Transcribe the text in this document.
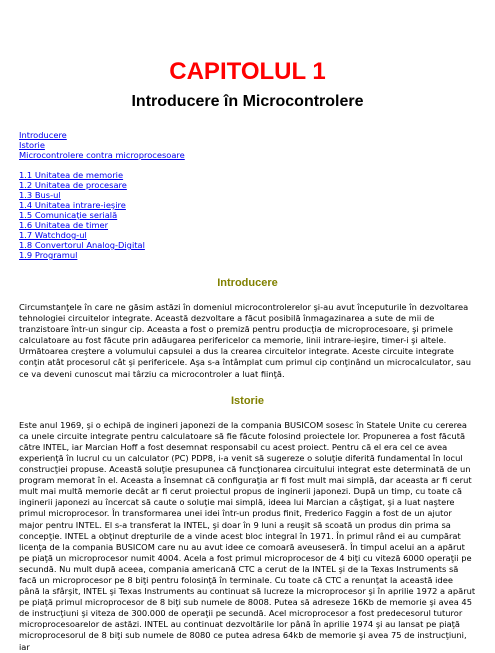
CAPITOLUL 1
Introducere în Microcontrolere
Introducere
Istorie
Microcontrolere contra microprocesoare
1.1 Unitatea de memorie
1.2 Unitatea de procesare
1.3 Bus-ul
1.4 Unitatea intrare-ieşire
1.5 Comunicaţie serială
1.6 Unitatea de timer
1.7 Watchdog-ul
1.8 Convertorul Analog-Digital
1.9 Programul
Introducere

Circumstanţele în care ne găsim astăzi în domeniul microcontrolerelor şi-au avut începuturile în dezvoltarea tehnologiei circuitelor integrate. Această dezvoltare a făcut posibilă înmagazinarea a sute de mii de tranzistoare într-un singur cip. Aceasta a fost o premiză pentru producţia de microprocesoare, şi primele calculatoare au fost făcute prin adăugarea perifericelor ca memorie, linii intrare-ieşire, timer-i şi altele. Următoarea creştere a volumului capsulei a dus la crearea circuitelor integrate. Aceste circuite integrate conţin atât procesorul cât şi perifericele. Aşa s-a întâmplat cum primul cip conţinând un microcalculator, sau ce va deveni cunoscut mai târziu ca microcontroler a luat fiinţă.

Istorie

Este anul 1969, şi o echipă de ingineri japonezi de la compania BUSICOM sosesc în Statele Unite cu cererea ca unele circuite integrate pentru calculatoare să fie făcute folosind proiectele lor. Propunerea a fost făcută către INTEL, iar Marcian Hoff a fost desemnat responsabil cu acest proiect. Pentru că el era cel ce avea experienţă în lucrul cu un calculator (PC) PDP8, i-a venit să sugereze o soluţie diferită fundamental în locul construcţiei propuse. Această soluţie presupunea că funcţionarea circuitului integrat este determinată de un program memorat în el. Aceasta a însemnat că configuraţia ar fi fost mult mai simplă, dar aceasta ar fi cerut mult mai multă memorie decât ar fi cerut proiectul propus de inginerii japonezi. După un timp, cu toate că inginerii japonezi au încercat să caute o soluţie mai simplă, ideea lui Marcian a câştigat, şi a luat naştere primul microprocesor. În transformarea unei idei într-un produs finit, Frederico Faggin a fost de un ajutor major pentru INTEL. El s-a transferat la INTEL, şi doar în 9 luni a reuşit să scoată un produs din prima sa concepţie. INTEL a obţinut drepturile de a vinde acest bloc integral în 1971. În primul rând ei au cumpărat licenţa de la compania BUSICOM care nu au avut idee ce comoară aveuseseră. În timpul acelui an a apărut pe piaţă un microprocesor numit 4004. Acela a fost primul microprocesor de 4 biţi cu viteză 6000 operaţii pe secundă. Nu mult după aceea, compania americană CTC a cerut de la INTEL şi de la Texas Instruments să facă un microprocesor pe 8 biţi pentru folosinţă în terminale. Cu toate că CTC a renunţat la această idee până la sfârşit, INTEL şi Texas Instruments au continuat să lucreze la microprocesor şi în aprilie 1972 a apărut pe piaţă primul microprocesor de 8 biţi sub numele de 8008. Putea să adreseze 16Kb de memorie şi avea 45 de instrucţiuni şi viteza de 300.000 de operaţii pe secundă. Acel microprocesor a fost predecesorul tuturor microprocesoarelor de astăzi. INTEL au continuat dezvoltările lor până în aprilie 1974 şi au lansat pe piaţă microprocesorul de 8 biţi sub numele de 8080 ce putea adresa 64kb de memorie şi avea 75 de instrucţiuni, iar
